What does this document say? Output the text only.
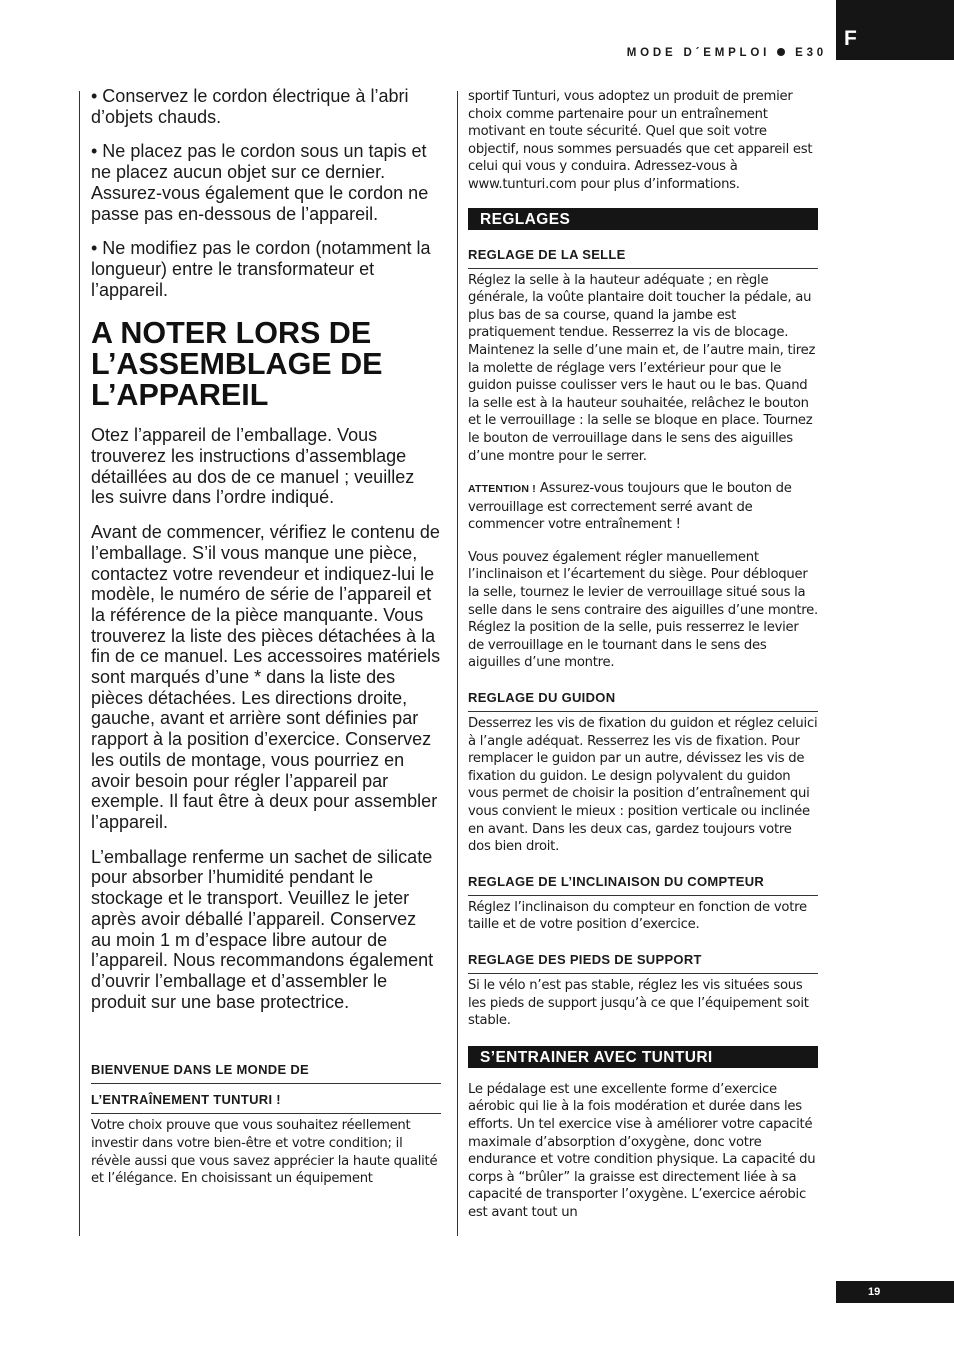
F
MODE D´EMPLOI E30

• Conservez le cordon électrique à l’abri d’objets chauds.

• Ne placez pas le cordon sous un tapis et ne placez aucun objet sur ce dernier. Assurez-vous également que le cordon ne passe pas en-dessous de l’appareil.

• Ne modifiez pas le cordon (notamment la longueur) entre le transformateur et l’appareil.

A NOTER LORS DE L’ASSEMBLAGE DE L’APPAREIL

Otez l’appareil de l’emballage. Vous trouverez les instructions d’assemblage détaillées au dos de ce manuel ; veuillez les suivre dans l’ordre indiqué.

Avant de commencer, vérifiez le contenu de l’emballage. S’il vous manque une pièce, contactez votre revendeur et indiquez-lui le modèle, le numéro de série de l’appareil et la référence de la pièce manquante. Vous trouverez la liste des pièces détachées à la fin de ce manuel. Les accessoires matériels sont marqués d’une * dans la liste des pièces détachées. Les directions droite, gauche, avant et arrière sont définies par rapport à la position d’exercice. Conservez les outils de montage, vous pourriez en avoir besoin pour régler l’appareil par exemple. Il faut être à deux pour assembler l’appareil.

L’emballage renferme un sachet de silicate pour absorber l’humidité pendant le stockage et le transport. Veuillez le jeter après avoir déballé l’appareil. Conservez au moin 1 m d’espace libre autour de l’appareil. Nous recommandons également d’ouvrir l’emballage et d’assembler le produit sur une base protectrice.

BIENVENUE DANS LE MONDE DE
L’ENTRAÎNEMENT TUNTURI !

Votre choix prouve que vous souhaitez réellement investir dans votre bien-être et votre condition; il révèle aussi que vous savez apprécier la haute qualité et l’élégance. En choisissant un équipement

sportif Tunturi, vous adoptez un produit de premier choix comme partenaire pour un entraînement motivant en toute sécurité. Quel que soit votre objectif, nous sommes persuadés que cet appareil est celui qui vous y conduira. Adressez-vous à www.tunturi.com pour plus d’informations.

REGLAGES
REGLAGE DE LA SELLE

Réglez la selle à la hauteur adéquate ; en règle générale, la voûte plantaire doit toucher la pédale, au plus bas de sa course, quand la jambe est pratiquement tendue. Resserrez la vis de blocage. Maintenez la selle d’une main et, de l’autre main, tirez la molette de réglage vers l’extérieur pour que le guidon puisse coulisser vers le haut ou le bas. Quand la selle est à la hauteur souhaitée, relâchez le bouton et le verrouillage : la selle se bloque en place. Tournez le bouton de verrouillage dans le sens des aiguilles d’une montre pour le serrer.

ATTENTION ! Assurez-vous toujours que le bouton de verrouillage est correctement serré avant de commencer votre entraînement !

Vous pouvez également régler manuellement l’inclinaison et l’écartement du siège. Pour débloquer la selle, tournez le levier de verrouillage situé sous la selle dans le sens contraire des aiguilles d’une montre. Réglez la position de la selle, puis resserrez le levier de verrouillage en le tournant dans le sens des aiguilles d’une montre.

REGLAGE DU GUIDON

Desserrez les vis de fixation du guidon et réglez celuici à l’angle adéquat. Resserrez les vis de fixation. Pour remplacer le guidon par un autre, dévissez les vis de fixation du guidon. Le design polyvalent du guidon vous permet de choisir la position d’entraînement qui vous convient le mieux : position verticale ou inclinée en avant. Dans les deux cas, gardez toujours votre dos bien droit.

REGLAGE DE L’INCLINAISON DU COMPTEUR

Réglez l’inclinaison du compteur en fonction de votre taille et de votre position d’exercice.

REGLAGE DES PIEDS DE SUPPORT

Si le vélo n’est pas stable, réglez les vis situées sous les pieds de support jusqu’à ce que l’équipement soit stable.

S’ENTRAINER AVEC TUNTURI

Le pédalage est une excellente forme d’exercice aérobic qui lie à la fois modération et durée dans les efforts. Un tel exercice vise à améliorer votre capacité maximale d’absorption d’oxygène, donc votre endurance et votre condition physique. La capacité du corps à “brûler” la graisse est directement liée à sa capacité de transporter l’oxygène. L’exercice aérobic est avant tout un

19
